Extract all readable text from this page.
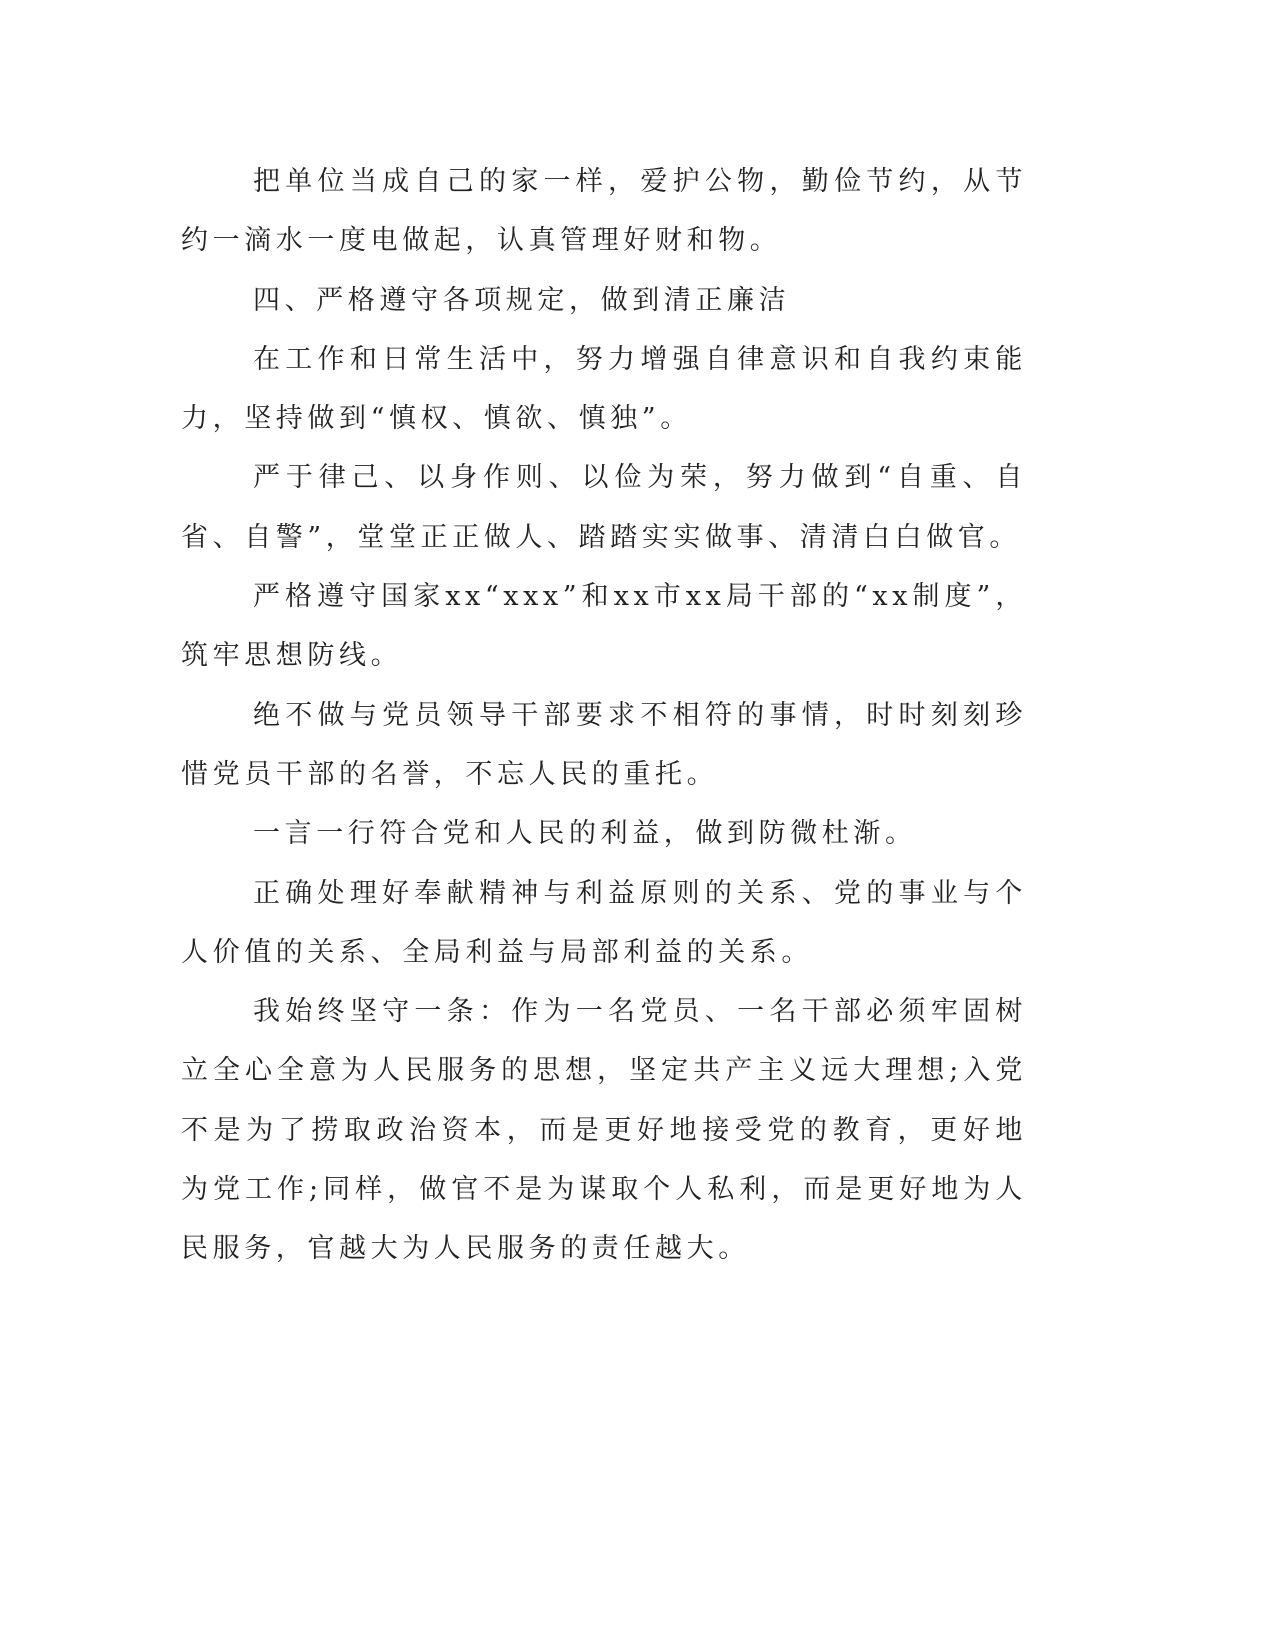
把单位当成自己的家一样，爱护公物，勤俭节约，从节约一滴水一度电做起，认真管理好财和物。

四、严格遵守各项规定，做到清正廉洁

在工作和日常生活中，努力增强自律意识和自我约束能力，坚持做到“慎权、慎欲、慎独”。

严于律己、以身作则、以俭为荣，努力做到“自重、自省、自警”，堂堂正正做人、踏踏实实做事、清清白白做官。

严格遵守国家xx“xxx”和xx市xx局干部的“xx制度”，筑牢思想防线。

绝不做与党员领导干部要求不相符的事情，时时刻刻珍惜党员干部的名誉，不忘人民的重托。

一言一行符合党和人民的利益，做到防微杜渐。

正确处理好奉献精神与利益原则的关系、党的事业与个人价值的关系、全局利益与局部利益的关系。

我始终坚守一条：作为一名党员、一名干部必须牢固树立全心全意为人民服务的思想，坚定共产主义远大理想;入党不是为了捞取政治资本，而是更好地接受党的教育，更好地为党工作;同样，做官不是为谋取个人私利，而是更好地为人民服务，官越大为人民服务的责任越大。
